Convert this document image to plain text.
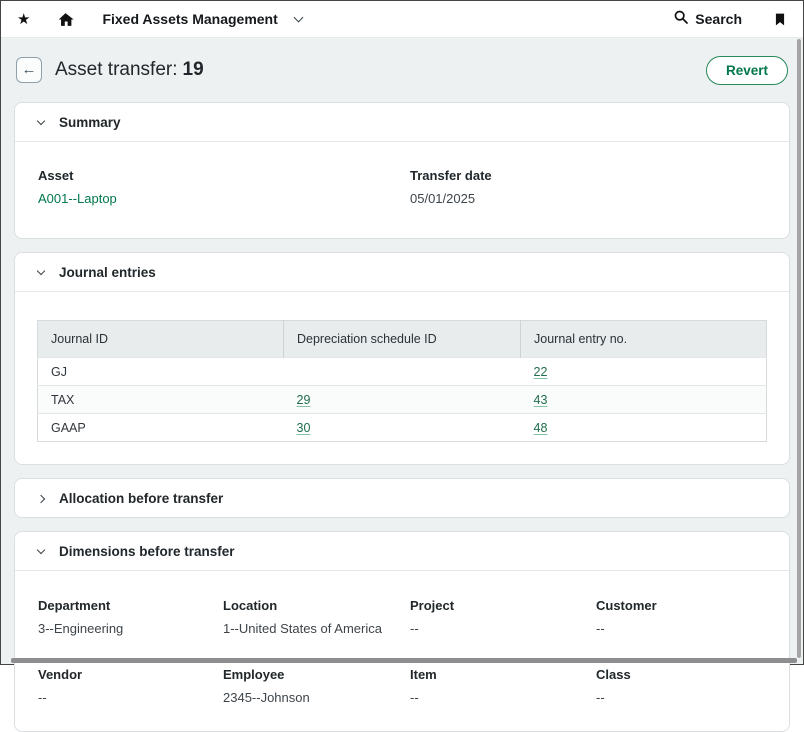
★	Fixed Assets Management	Search
← Asset transfer: 19	Revert
Summary
Asset
A001--Laptop
Transfer date
05/01/2025
Journal entries
Journal ID	Depreciation schedule ID	Journal entry no.
GJ		22
TAX	29	43
GAAP	30	48
Allocation before transfer
Dimensions before transfer
Department
3--Engineering
Location
1--United States of America
Project
--
Customer
--
Vendor
--
Employee
2345--Johnson
Item
--
Class
--
